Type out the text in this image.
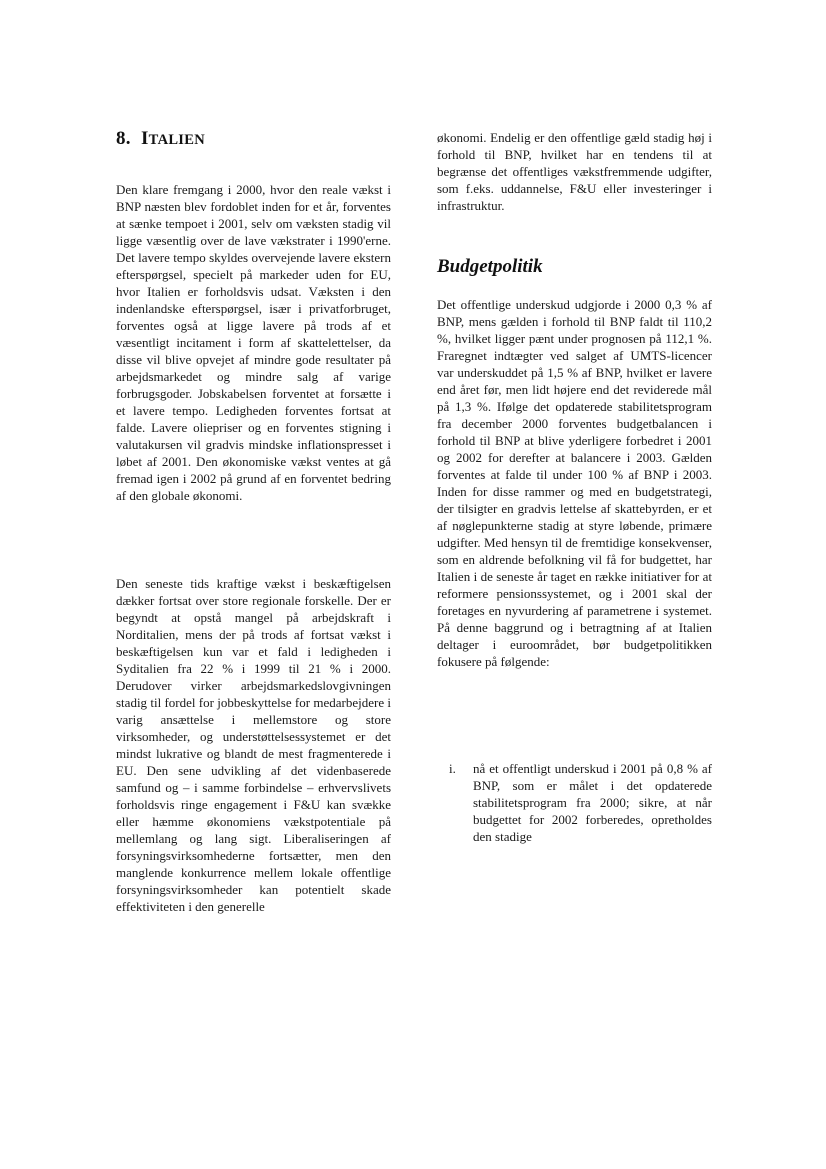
8. ITALIEN

Den klare fremgang i 2000, hvor den reale vækst i BNP næsten blev fordoblet inden for et år, forventes at sænke tempoet i 2001, selv om væksten stadig vil ligge væsentlig over de lave vækstrater i 1990'erne. Det lavere tempo skyldes overvejende lavere ekstern efterspørgsel, specielt på markeder uden for EU, hvor Italien er forholdsvis udsat. Væksten i den indenlandske efterspørgsel, især i privatforbruget, forventes også at ligge lavere på trods af et væsentligt incitament i form af skattelettelser, da disse vil blive opvejet af mindre gode resultater på arbejdsmarkedet og mindre salg af varige forbrugsgoder. Jobskabelsen forventet at forsætte i et lavere tempo. Ledigheden forventes fortsat at falde. Lavere oliepriser og en forventes stigning i valutakursen vil gradvis mindske inflationspresset i løbet af 2001. Den økonomiske vækst ventes at gå fremad igen i 2002 på grund af en forventet bedring af den globale økonomi.

Den seneste tids kraftige vækst i beskæftigelsen dækker fortsat over store regionale forskelle. Der er begyndt at opstå mangel på arbejdskraft i Norditalien, mens der på trods af fortsat vækst i beskæftigelsen kun var et fald i ledigheden i Syditalien fra 22 % i 1999 til 21 % i 2000. Derudover virker arbejdsmarkedslovgivningen stadig til fordel for jobbeskyttelse for medarbejdere i varig ansættelse i mellemstore og store virksomheder, og understøttelsessystemet er det mindst lukrative og blandt de mest fragmenterede i EU. Den sene udvikling af det videnbaserede samfund og – i samme forbindelse – erhvervslivets forholdsvis ringe engagement i F&U kan svække eller hæmme økonomiens vækstpotentiale på mellemlang og lang sigt. Liberaliseringen af forsyningsvirksomhederne fortsætter, men den manglende konkurrence mellem lokale offentlige forsyningsvirksomheder kan potentielt skade effektiviteten i den generelle

økonomi. Endelig er den offentlige gæld stadig høj i forhold til BNP, hvilket har en tendens til at begrænse det offentliges vækstfremmende udgifter, som f.eks. uddannelse, F&U eller investeringer i infrastruktur.

Budgetpolitik

Det offentlige underskud udgjorde i 2000 0,3 % af BNP, mens gælden i forhold til BNP faldt til 110,2 %, hvilket ligger pænt under prognosen på 112,1 %. Fraregnet indtægter ved salget af UMTS-licencer var underskuddet på 1,5 % af BNP, hvilket er lavere end året før, men lidt højere end det reviderede mål på 1,3 %. Ifølge det opdaterede stabilitetsprogram fra december 2000 forventes budgetbalancen i forhold til BNP at blive yderligere forbedret i 2001 og 2002 for derefter at balancere i 2003. Gælden forventes at falde til under 100 % af BNP i 2003. Inden for disse rammer og med en budgetstrategi, der tilsigter en gradvis lettelse af skattebyrden, er et af nøglepunkterne stadig at styre løbende, primære udgifter. Med hensyn til de fremtidige konsekvenser, som en aldrende befolkning vil få for budgettet, har Italien i de seneste år taget en række initiativer for at reformere pensionssystemet, og i 2001 skal der foretages en nyvurdering af parametrene i systemet. På denne baggrund og i betragtning af at Italien deltager i euroområdet, bør budgetpolitikken fokusere på følgende:

i.	nå et offentligt underskud i 2001 på 0,8 % af BNP, som er målet i det opdaterede stabilitetsprogram fra 2000; sikre, at når budgettet for 2002 forberedes, opretholdes den stadige
